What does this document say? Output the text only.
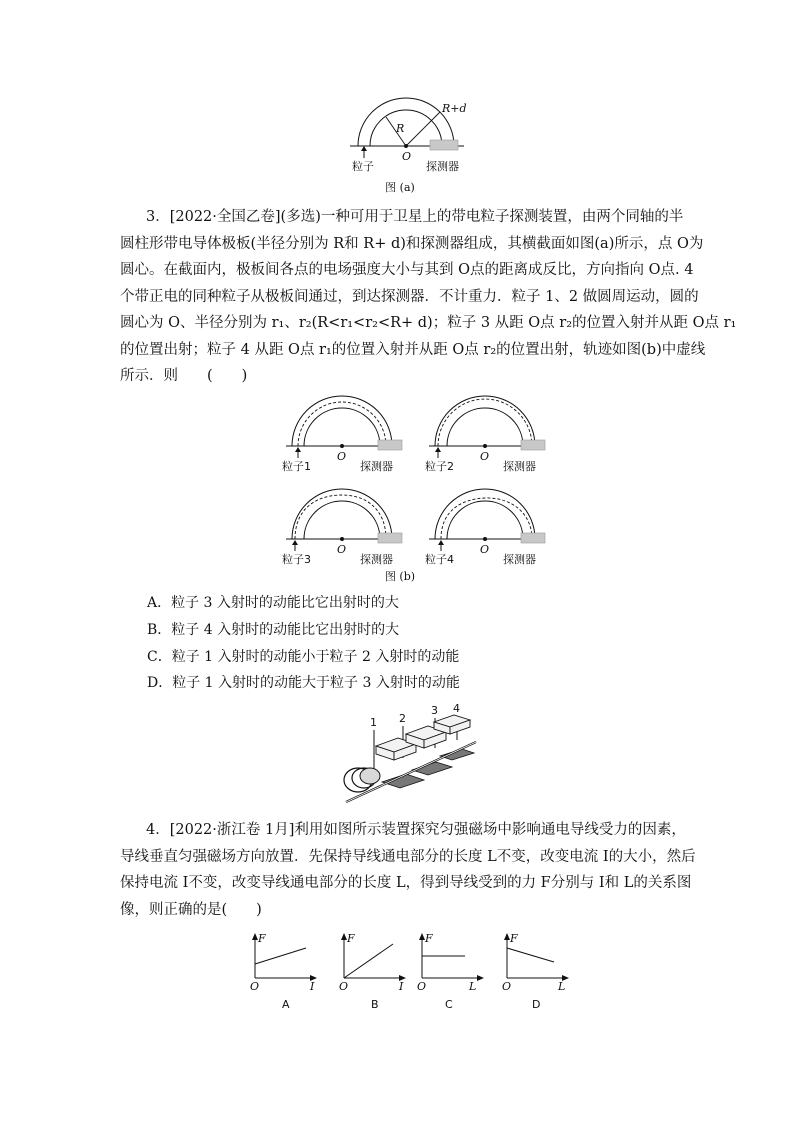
R
R+d
O
粒子	探测器
图 (a)
3．[2022·全国乙卷](多选)一种可用于卫星上的带电粒子探测装置，由两个同轴的半
圆柱形带电导体极板(半径分别为 R和 R+ d)和探测器组成，其横截面如图(a)所示，点 O为
圆心。在截面内，极板间各点的电场强度大小与其到 O点的距离成反比，方向指向 O点. 4
个带正电的同种粒子从极板间通过，到达探测器．不计重力．粒子 1、2 做圆周运动，圆的
圆心为 O、半径分别为 r₁、r₂(R<r₁<r₂<R+ d)；粒子 3 从距 O点 r₂的位置入射并从距 O点 r₁
的位置出射；粒子 4 从距 O点 r₁的位置入射并从距 O点 r₂的位置出射，轨迹如图(b)中虚线
所示．则　　(　　)
O
粒子1	探测器
O
粒子2	探测器
O
粒子3	探测器
O
粒子4	探测器
图 (b)
A．粒子 3 入射时的动能比它出射时的大
B．粒子 4 入射时的动能比它出射时的大
C．粒子 1 入射时的动能小于粒子 2 入射时的动能
D．粒子 1 入射时的动能大于粒子 3 入射时的动能
1 2
3 4
4．[2022·浙江卷 1月]利用如图所示装置探究匀强磁场中影响通电导线受力的因素，
导线垂直匀强磁场方向放置．先保持导线通电部分的长度 L不变，改变电流 I的大小，然后
保持电流 I不变，改变导线通电部分的长度 L，得到导线受到的力 F分别与 I和 L的关系图
像，则正确的是(　　)
F
O	I
A
F
O	I
B
F
O	L
C
F
O	L
D
